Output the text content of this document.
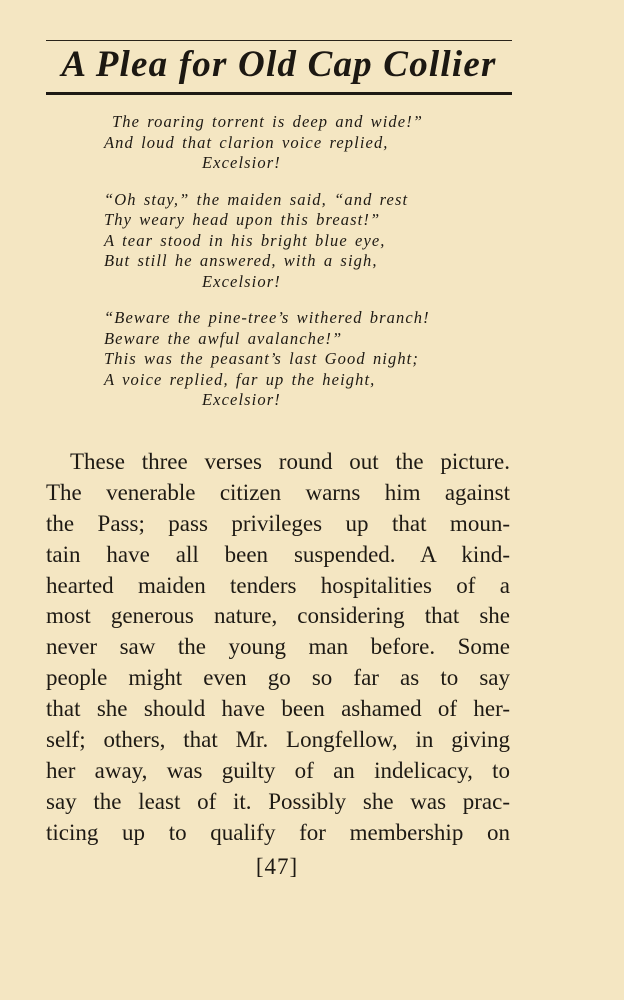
A Plea for Old Cap Collier
The roaring torrent is deep and wide!”
And loud that clarion voice replied,
Excelsior!
“Oh stay,” the maiden said, “and rest
Thy weary head upon this breast!”
A tear stood in his bright blue eye,
But still he answered, with a sigh,
Excelsior!
“Beware the pine-tree’s withered branch!
Beware the awful avalanche!”
This was the peasant’s last Good night;
A voice replied, far up the height,
Excelsior!
These three verses round out the picture.
The venerable citizen warns him against
the Pass; pass privileges up that moun-
tain have all been suspended. A kind-
hearted maiden tenders hospitalities of a
most generous nature, considering that she
never saw the young man before. Some
people might even go so far as to say
that she should have been ashamed of her-
self; others, that Mr. Longfellow, in giving
her away, was guilty of an indelicacy, to
say the least of it. Possibly she was prac-
ticing up to qualify for membership on
[47]
